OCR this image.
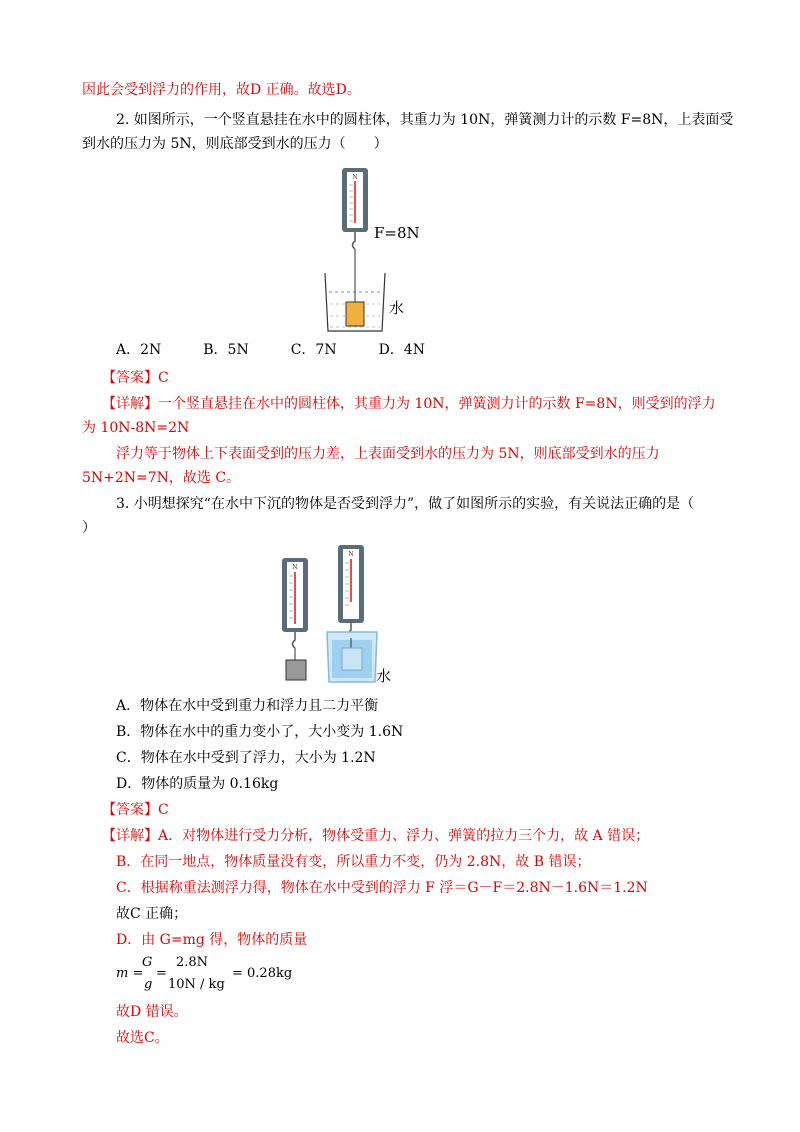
因此会受到浮力的作用，故D 正确。故选D。
2. 如图所示，一个竖直悬挂在水中的圆柱体，其重力为 10N，弹簧测力计的示数 F=8N，上表面受
到水的压力为 5N，则底部受到水的压力（　　）
N
F=8N
水
A．2N　　　B．5N　　　C．7N　　　D．4N
【答案】C
【详解】一个竖直悬挂在水中的圆柱体，其重力为 10N，弹簧测力计的示数 F=8N，则受到的浮力
为 10N-8N=2N
浮力等于物体上下表面受到的压力差，上表面受到水的压力为 5N，则底部受到水的压力
5N+2N=7N，故选 C。
3. 小明想探究“在水中下沉的物体是否受到浮力”，做了如图所示的实验，有关说法正确的是（
）
N
N
水
A．物体在水中受到重力和浮力且二力平衡
B．物体在水中的重力变小了，大小变为 1.6N
C．物体在水中受到了浮力，大小为 1.2N
D．物体的质量为 0.16kg
【答案】C
【详解】A．对物体进行受力分析，物体受重力、浮力、弹簧的拉力三个力，故 A 错误；
B．在同一地点，物体质量没有变，所以重力不变，仍为 2.8N，故 B 错误；
C．根据称重法测浮力得，物体在水中受到的浮力 F 浮＝G－F＝2.8N－1.6N＝1.2N
故C 正确；
D．由 G=mg 得，物体的质量
m =
G
g
=
2.8N
10N / kg
= 0.28kg
故D 错误。
故选C。
